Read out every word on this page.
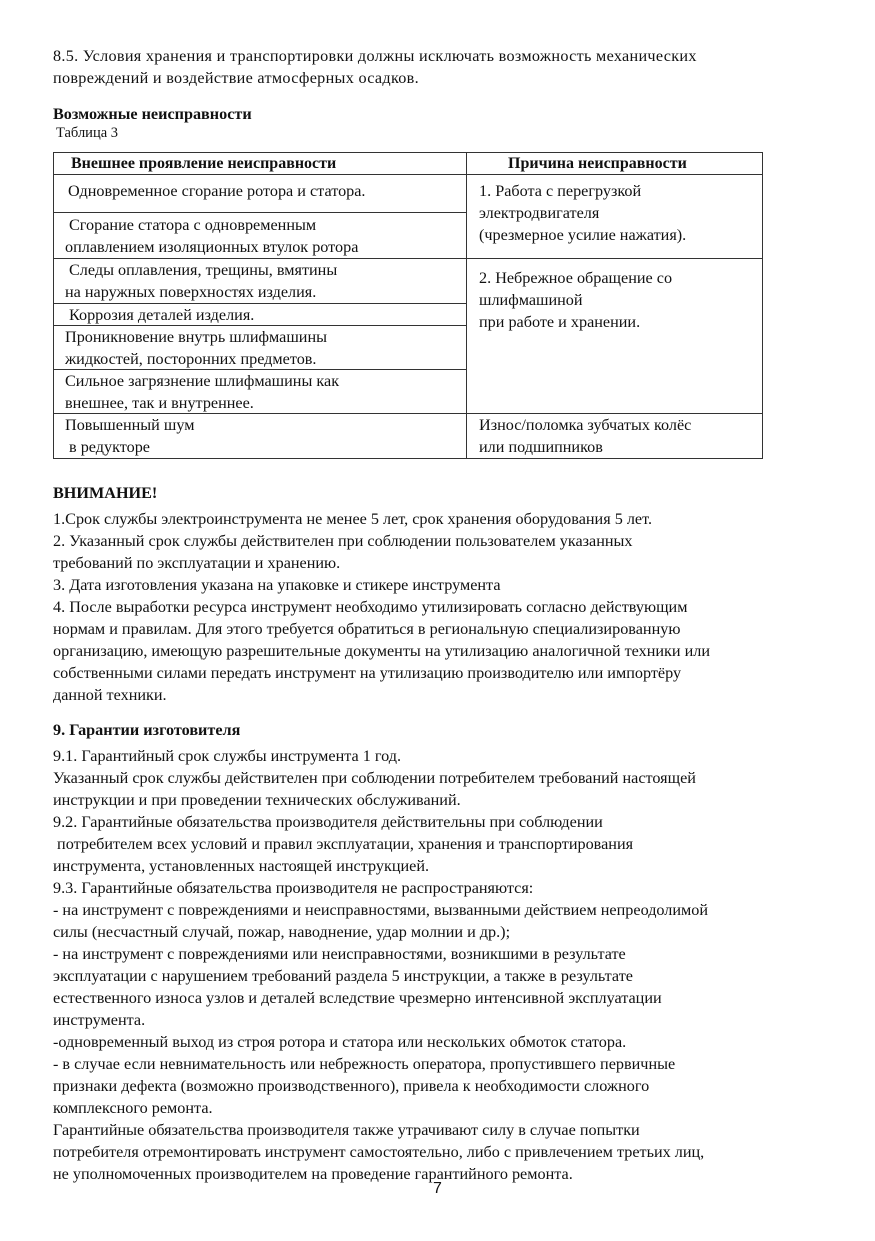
8.5. Условия хранения и транспортировки должны исключать возможность механических
повреждений и воздействие атмосферных осадков.
Возможные неисправности
Таблица 3
Внешнее проявление неисправности	Причина неисправности
Одновременное сгорание ротора и статора.
Сгорание статора с одновременным
оплавлением изоляционных втулок ротора
Следы оплавления, трещины, вмятины
на наружных поверхностях изделия.
Коррозия деталей изделия.
Проникновение внутрь шлифмашины
жидкостей, посторонних предметов.
Сильное загрязнение шлифмашины как
внешнее, так и внутреннее.
Повышенный шум
в редукторе
1. Работа с перегрузкой
электродвигателя
(чрезмерное усилие нажатия).
2. Небрежное обращение со
шлифмашиной
при работе и хранении.
Износ/поломка зубчатых колёс
или подшипников
ВНИМАНИЕ!
1.Срок службы электроинструмента не менее 5 лет, срок хранения оборудования 5 лет.
2. Указанный срок службы действителен при соблюдении пользователем указанных
требований по эксплуатации и хранению.
3. Дата изготовления указана на упаковке и стикере инструмента
4. После выработки ресурса инструмент необходимо утилизировать согласно действующим
нормам и правилам. Для этого требуется обратиться в региональную специализированную
организацию, имеющую разрешительные документы на утилизацию аналогичной техники или
собственными силами передать инструмент на утилизацию производителю или импортёру
данной техники.
9. Гарантии изготовителя
9.1. Гарантийный срок службы инструмента 1 год.
Указанный срок службы действителен при соблюдении потребителем требований настоящей
инструкции и при проведении технических обслуживаний.
9.2. Гарантийные обязательства производителя действительны при соблюдении
потребителем всех условий и правил эксплуатации, хранения и транспортирования
инструмента, установленных настоящей инструкцией.
9.3. Гарантийные обязательства производителя не распространяются:
- на инструмент с повреждениями и неисправностями, вызванными действием непреодолимой
силы (несчастный случай, пожар, наводнение, удар молнии и др.);
- на инструмент с повреждениями или неисправностями, возникшими в результате
эксплуатации с нарушением требований раздела 5 инструкции, а также в результате
естественного износа узлов и деталей вследствие чрезмерно интенсивной эксплуатации
инструмента.
-одновременный выход из строя ротора и статора или нескольких обмоток статора.
- в случае если невнимательность или небрежность оператора, пропустившего первичные
признаки дефекта (возможно производственного), привела к необходимости сложного
комплексного ремонта.
Гарантийные обязательства производителя также утрачивают силу в случае попытки
потребителя отремонтировать инструмент самостоятельно, либо с привлечением третьих лиц,
не уполномоченных производителем на проведение гарантийного ремонта.
7
